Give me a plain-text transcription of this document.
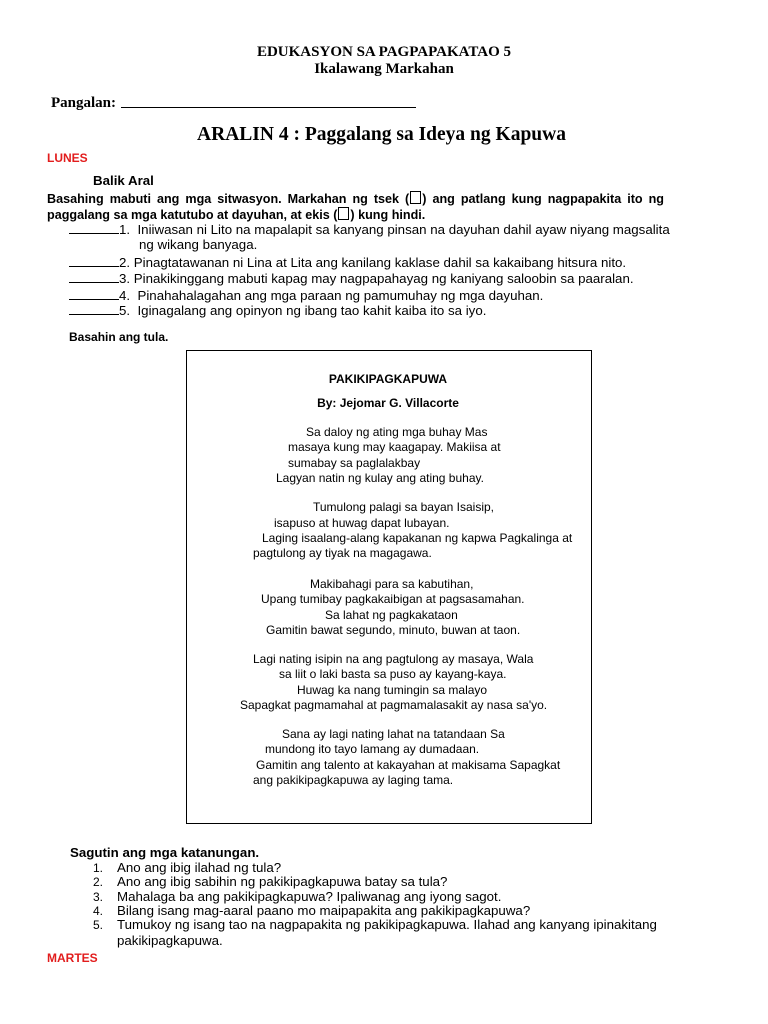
EDUKASYON SA PAGPAPAKATAO 5
Ikalawang Markahan
Pangalan:
ARALIN 4 : Paggalang sa Ideya ng Kapuwa
LUNES
Balik Aral
Basahing mabuti ang mga sitwasyon. Markahan ng tsek ( ) ang patlang kung nagpapakita ito ng paggalang sa mga katutubo at dayuhan, at ekis ( ) kung hindi.
1. Iniiwasan ni Lito na mapalapit sa kanyang pinsan na dayuhan dahil ayaw niyang magsalita
ng wikang banyaga.
2. Pinagtatawanan ni Lina at Lita ang kanilang kaklase dahil sa kakaibang hitsura nito.
3. Pinakikinggang mabuti kapag may nagpapahayag ng kaniyang saloobin sa paaralan.
4. Pinahahalagahan ang mga paraan ng pamumuhay ng mga dayuhan.
5. Iginagalang ang opinyon ng ibang tao kahit kaiba ito sa iyo.
Basahin ang tula.
PAKIKIPAGKAPUWA
By: Jejomar G. Villacorte
Sa daloy ng ating mga buhay Mas
masaya kung may kaagapay. Makiisa at
sumabay sa paglalakbay
Lagyan natin ng kulay ang ating buhay.
Tumulong palagi sa bayan Isaisip,
isapuso at huwag dapat lubayan.
Laging isaalang-alang kapakanan ng kapwa Pagkalinga at
pagtulong ay tiyak na magagawa.
Makibahagi para sa kabutihan,
Upang tumibay pagkakaibigan at pagsasamahan.
Sa lahat ng pagkakataon
Gamitin bawat segundo, minuto, buwan at taon.
Lagi nating isipin na ang pagtulong ay masaya, Wala
sa liit o laki basta sa puso ay kayang-kaya.
Huwag ka nang tumingin sa malayo
Sapagkat pagmamahal at pagmamalasakit ay nasa sa'yo.
Sana ay lagi nating lahat na tatandaan Sa
mundong ito tayo lamang ay dumadaan.
Gamitin ang talento at kakayahan at makisama Sapagkat
ang pakikipagkapuwa ay laging tama.
Sagutin ang mga katanungan.
1. Ano ang ibig ilahad ng tula?
2. Ano ang ibig sabihin ng pakikipagkapuwa batay sa tula?
3. Mahalaga ba ang pakikipagkapuwa? Ipaliwanag ang iyong sagot.
4. Bilang isang mag-aaral paano mo maipapakita ang pakikipagkapuwa?
5. Tumukoy ng isang tao na nagpapakita ng pakikipagkapuwa. Ilahad ang kanyang ipinakitang
pakikipagkapuwa.
MARTES
